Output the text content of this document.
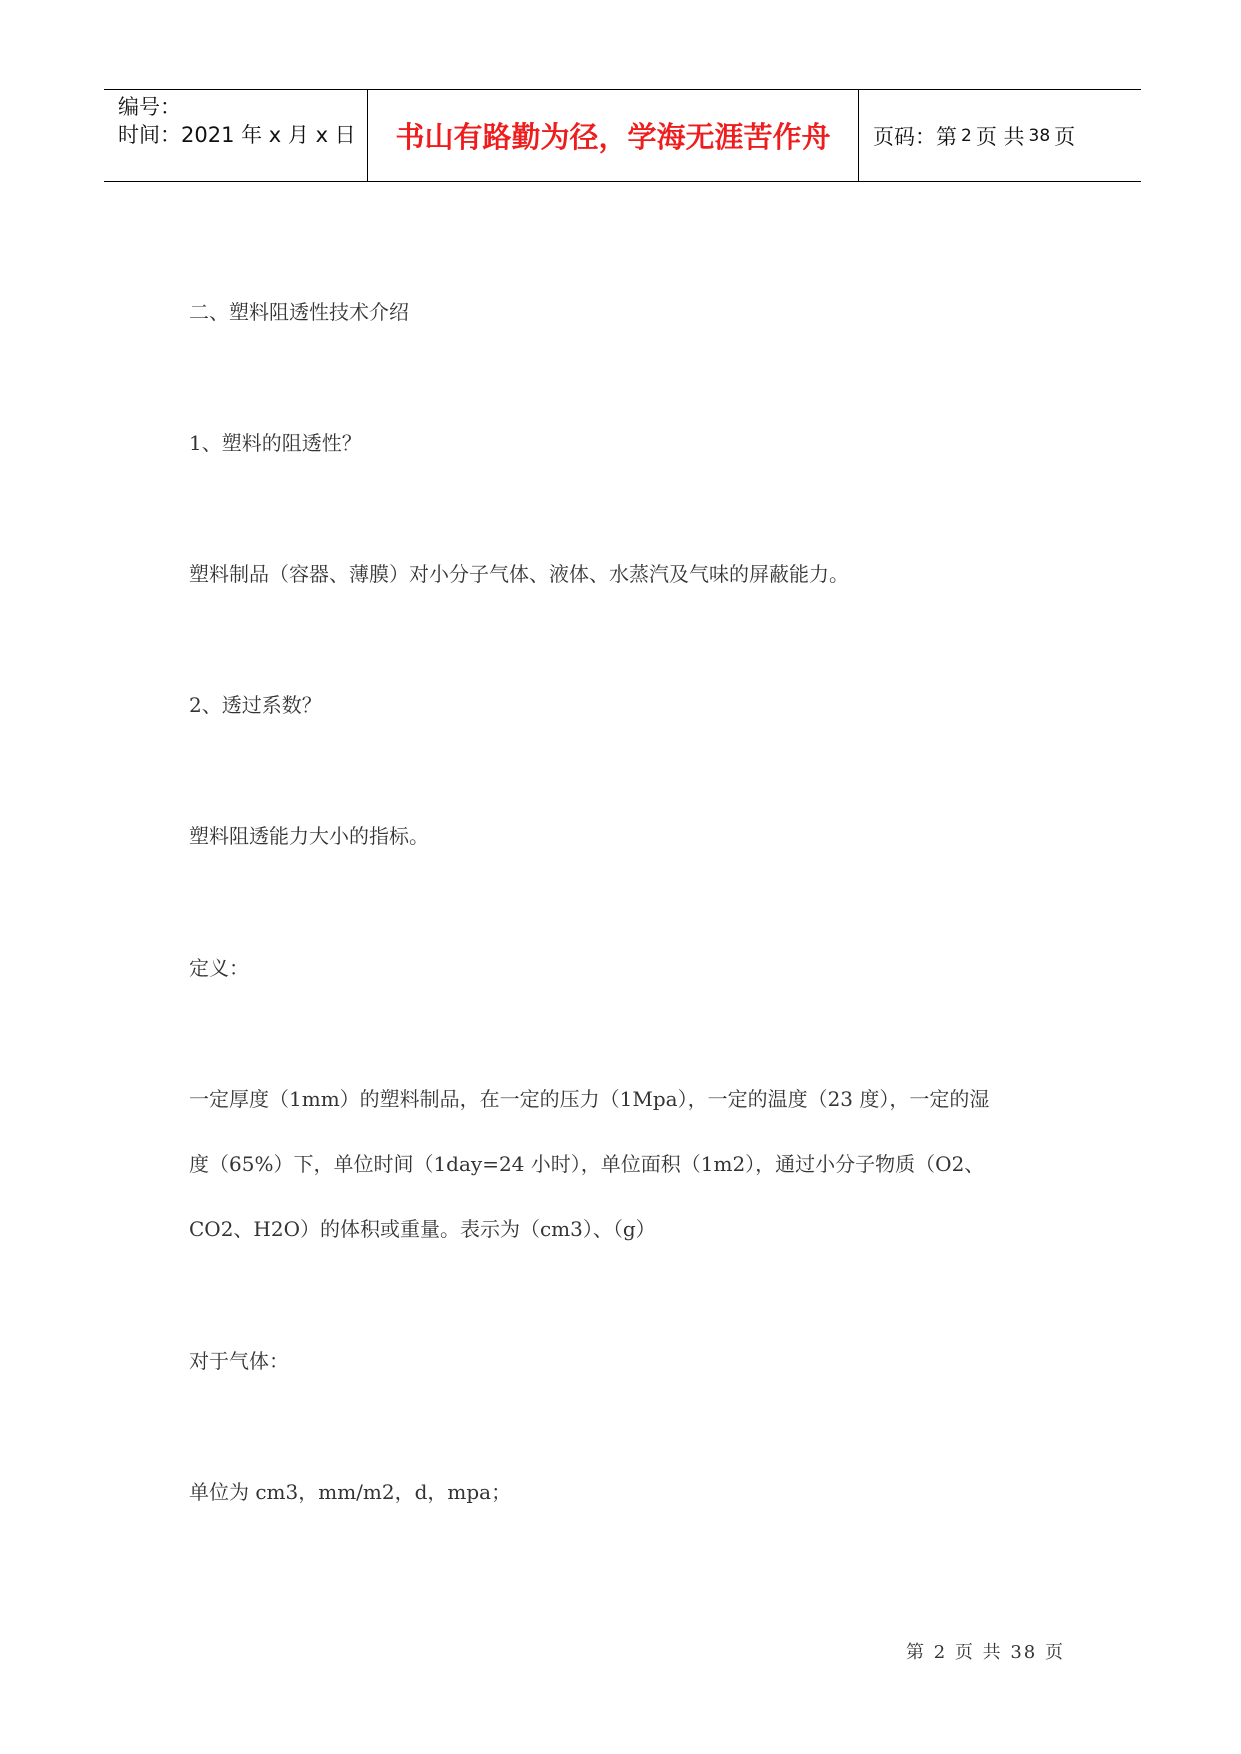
编号：
时间：2021 年 x 月 x 日	书山有路勤为径，学海无涯苦作舟	页码：第 2 页 共 38 页
二、塑料阻透性技术介绍
1、塑料的阻透性？
塑料制品（容器、薄膜）对小分子气体、液体、水蒸汽及气味的屏蔽能力。
2、透过系数？
塑料阻透能力大小的指标。
定义：
一定厚度（1mm）的塑料制品，在一定的压力（1Mpa），一定的温度（23 度），一定的湿
度（65%）下，单位时间（1day=24 小时），单位面积（1m2），通过小分子物质（O2、
CO2、H2O）的体积或重量。表示为（cm3）、（g）
对于气体：
单位为 cm3，mm/m2，d，mpa；
第 2 页 共 38 页
